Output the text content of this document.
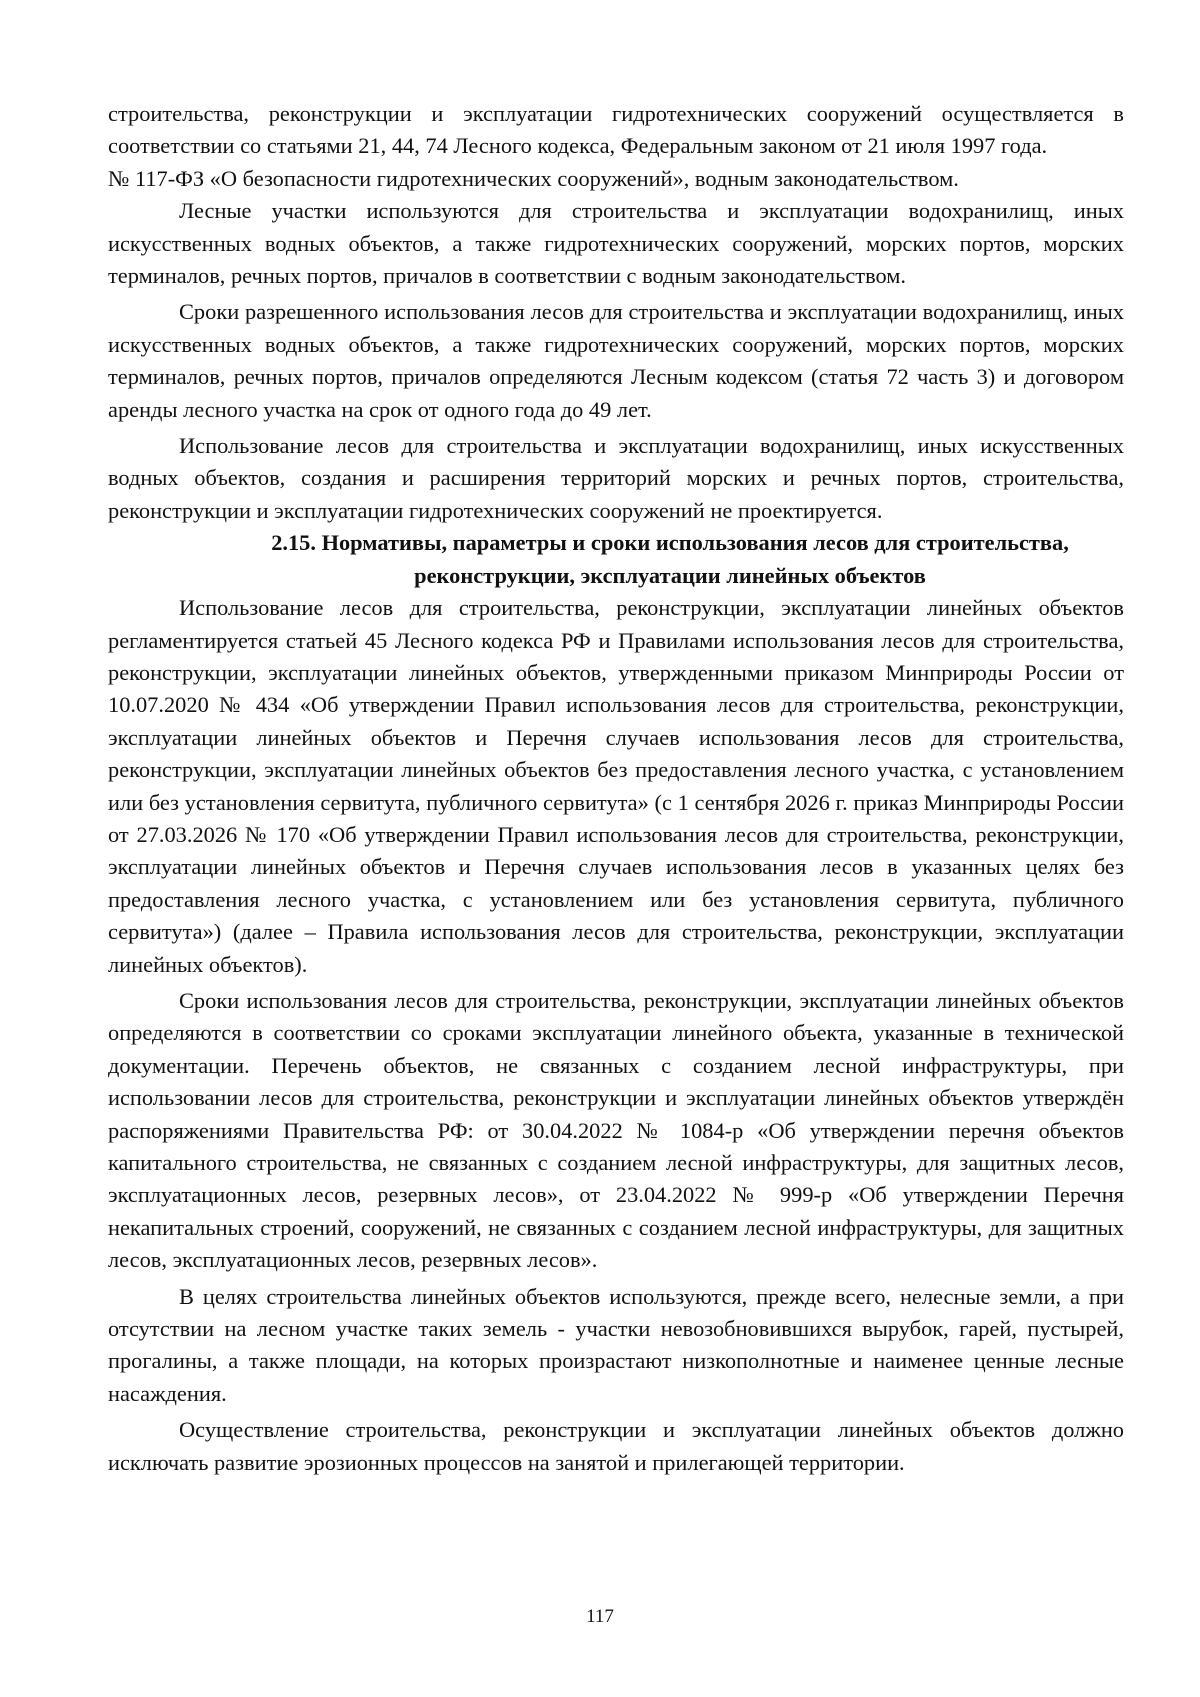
строительства, реконструкции и эксплуатации гидротехнических сооружений осуществляется в соответствии со статьями 21, 44, 74 Лесного кодекса, Федеральным законом от 21 июля 1997 года.

№ 117-ФЗ «О безопасности гидротехнических сооружений», водным законодательством.

Лесные участки используются для строительства и эксплуатации водохранилищ, иных искусственных водных объектов, а также гидротехнических сооружений, морских портов, морских терминалов, речных портов, причалов в соответствии с водным законодательством.

Сроки разрешенного использования лесов для строительства и эксплуатации водохранилищ, иных искусственных водных объектов, а также гидротехнических сооружений, морских портов, морских терминалов, речных портов, причалов определяются Лесным кодексом (статья 72 часть 3) и договором аренды лесного участка на срок от одного года до 49 лет.

Использование лесов для строительства и эксплуатации водохранилищ, иных искусственных водных объектов, создания и расширения территорий морских и речных портов, строительства, реконструкции и эксплуатации гидротехнических сооружений не проектируется.

2.15. Нормативы, параметры и сроки использования лесов для строительства, реконструкции, эксплуатации линейных объектов

Использование лесов для строительства, реконструкции, эксплуатации линейных объектов регламентируется статьей 45 Лесного кодекса РФ и Правилами использования лесов для строительства, реконструкции, эксплуатации линейных объектов, утвержденными приказом Минприроды России от 10.07.2020 № 434 «Об утверждении Правил использования лесов для строительства, реконструкции, эксплуатации линейных объектов и Перечня случаев использования лесов для строительства, реконструкции, эксплуатации линейных объектов без предоставления лесного участка, с установлением или без установления сервитута, публичного сервитута» (с 1 сентября 2026 г. приказ Минприроды России от 27.03.2026 № 170 «Об утверждении Правил использования лесов для строительства, реконструкции, эксплуатации линейных объектов и Перечня случаев использования лесов в указанных целях без предоставления лесного участка, с установлением или без установления сервитута, публичного сервитута») (далее – Правила использования лесов для строительства, реконструкции, эксплуатации линейных объектов).

Сроки использования лесов для строительства, реконструкции, эксплуатации линейных объектов определяются в соответствии со сроками эксплуатации линейного объекта, указанные в технической документации. Перечень объектов, не связанных с созданием лесной инфраструктуры, при использовании лесов для строительства, реконструкции и эксплуатации линейных объектов утверждён распоряжениями Правительства РФ: от 30.04.2022 № 1084-р «Об утверждении перечня объектов капитального строительства, не связанных с созданием лесной инфраструктуры, для защитных лесов, эксплуатационных лесов, резервных лесов», от 23.04.2022 № 999-р «Об утверждении Перечня некапитальных строений, сооружений, не связанных с созданием лесной инфраструктуры, для защитных лесов, эксплуатационных лесов, резервных лесов».

В целях строительства линейных объектов используются, прежде всего, нелесные земли, а при отсутствии на лесном участке таких земель - участки невозобновившихся вырубок, гарей, пустырей, прогалины, а также площади, на которых произрастают низкополнотные и наименее ценные лесные насаждения.

Осуществление строительства, реконструкции и эксплуатации линейных объектов должно исключать развитие эрозионных процессов на занятой и прилегающей территории.

117
